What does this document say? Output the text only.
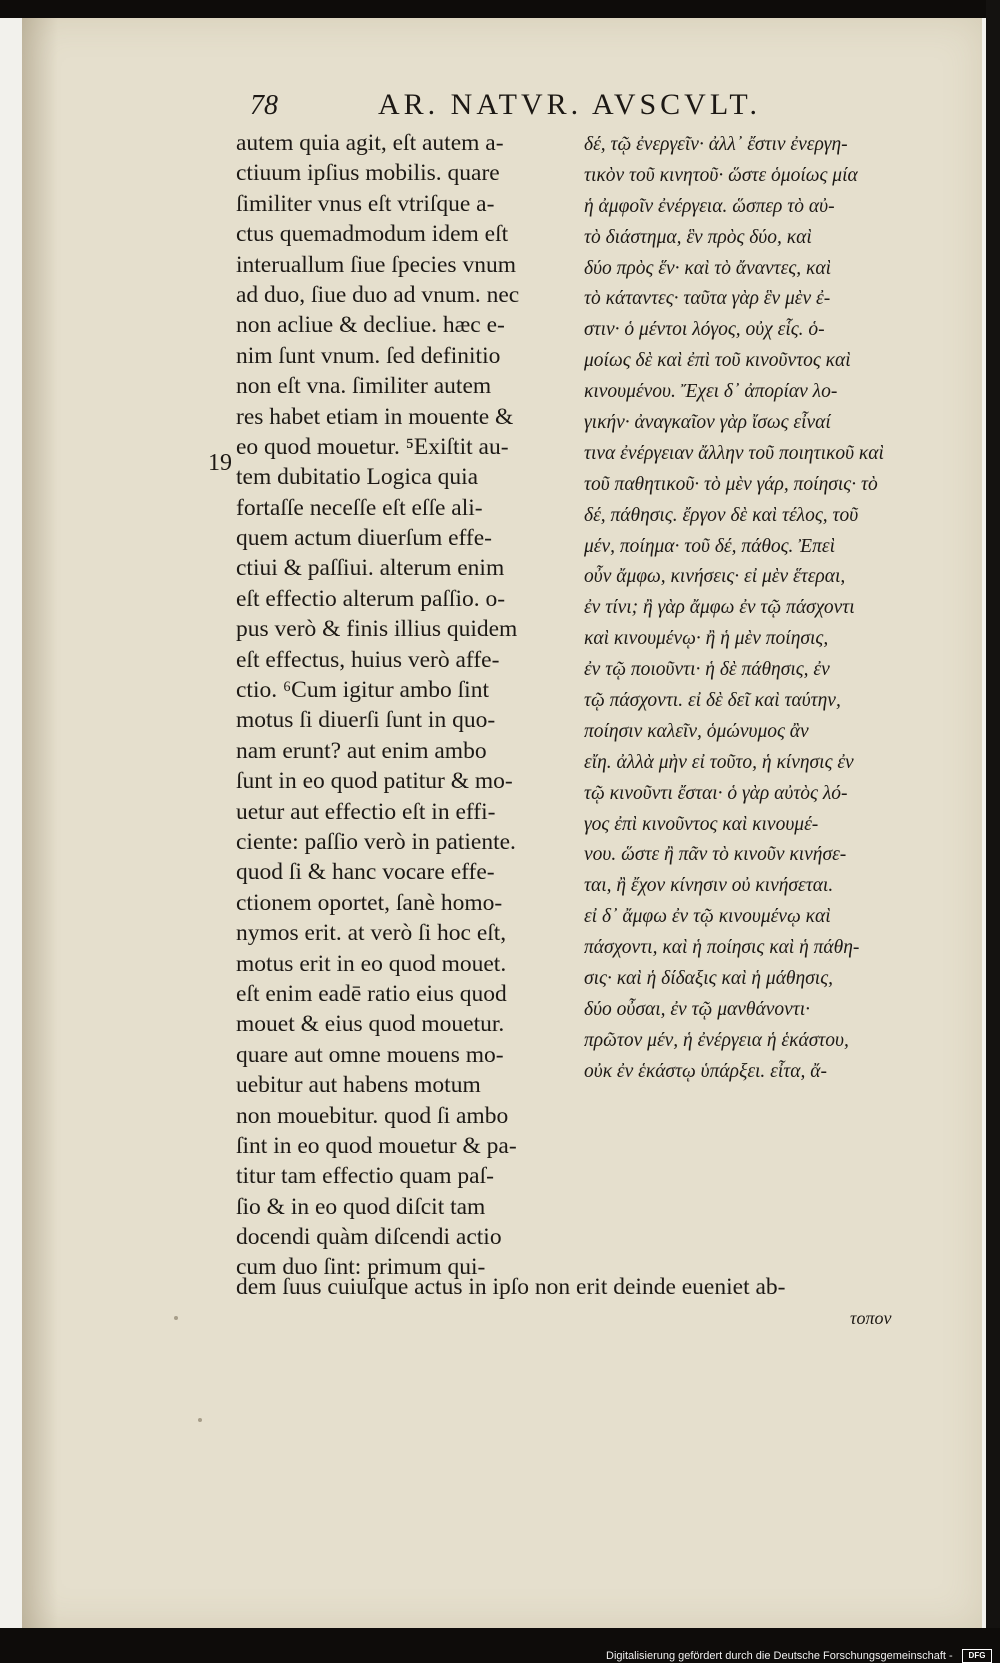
78	AR. NATVR. AVSCVLT.
19
autem quia agit, eſt autem a-
ctiuum ipſius mobilis. quare
ſimiliter vnus eſt vtriſque a-
ctus quemadmodum idem eſt
interuallum ſiue ſpecies vnum
ad duo, ſiue duo ad vnum. nec
non acliue & decliue. hæc e-
nim ſunt vnum. ſed definitio
non eſt vna. ſimiliter autem
res habet etiam in mouente &
eo quod mouetur. ⁵Exiſtit au-
tem dubitatio Logica quia
fortaſſe neceſſe eſt eſſe ali-
quem actum diuerſum effe-
ctiui & paſſiui. alterum enim
eſt effectio alterum paſſio. o-
pus verò & finis illius quidem
eſt effectus, huius verò affe-
ctio. ⁶Cum igitur ambo ſint
motus ſi diuerſi ſunt in quo-
nam erunt? aut enim ambo
ſunt in eo quod patitur & mo-
uetur aut effectio eſt in effi-
ciente: paſſio verò in patiente.
quod ſi & hanc vocare effe-
ctionem oportet, ſanè homo-
nymos erit. at verò ſi hoc eſt,
motus erit in eo quod mouet.
eſt enim eadē ratio eius quod
mouet & eius quod mouetur.
quare aut omne mouens mo-
uebitur aut habens motum
non mouebitur. quod ſi ambo
ſint in eo quod mouetur & pa-
titur tam effectio quam paſ-
ſio & in eo quod diſcit tam
docendi quàm diſcendi actio
cum duo ſint: primum qui-
δέ, τῷ ἐνεργεῖν· ἀλλ᾽ ἔστιν ἐνεργη-
τικὸν τοῦ κινητοῦ· ὥστε ὁμοίως μία
ἡ ἀμφοῖν ἐνέργεια. ὥσπερ τὸ αὐ-
τὸ διάστημα, ἓν πρὸς δύο, καὶ
δύο πρὸς ἕν· καὶ τὸ ἄναντες, καὶ
τὸ κάταντες· ταῦτα γὰρ ἓν μὲν ἐ-
στιν· ὁ μέντοι λόγος, οὐχ εἷς. ὁ-
μοίως δὲ καὶ ἐπὶ τοῦ κινοῦντος καὶ
κινουμένου. Ἔχει δ᾽ ἀπορίαν λο-
γικήν· ἀναγκαῖον γὰρ ἴσως εἶναί
τινα ἐνέργειαν ἄλλην τοῦ ποιητικοῦ καὶ
τοῦ παθητικοῦ· τὸ μὲν γάρ, ποίησις· τὸ
δέ, πάθησις. ἔργον δὲ καὶ τέλος, τοῦ
μέν, ποίημα· τοῦ δέ, πάθος. Ἐπεὶ
οὖν ἄμφω, κινήσεις· εἰ μὲν ἕτεραι,
ἐν τίνι; ἢ γὰρ ἄμφω ἐν τῷ πάσχοντι
καὶ κινουμένῳ· ἢ ἡ μὲν ποίησις,
ἐν τῷ ποιοῦντι· ἡ δὲ πάθησις, ἐν
τῷ πάσχοντι. εἰ δὲ δεῖ καὶ ταύτην,
ποίησιν καλεῖν, ὁμώνυμος ἂν
εἴη. ἀλλὰ μὴν εἰ τοῦτο, ἡ κίνησις ἐν
τῷ κινοῦντι ἔσται· ὁ γὰρ αὐτὸς λό-
γος ἐπὶ κινοῦντος καὶ κινουμέ-
νου. ὥστε ἢ πᾶν τὸ κινοῦν κινήσε-
ται, ἢ ἔχον κίνησιν οὐ κινήσεται.
εἰ δ᾽ ἄμφω ἐν τῷ κινουμένῳ καὶ
πάσχοντι, καὶ ἡ ποίησις καὶ ἡ πάθη-
σις· καὶ ἡ δίδαξις καὶ ἡ μάθησις,
δύο οὖσαι, ἐν τῷ μανθάνοντι·
πρῶτον μέν, ἡ ἐνέργεια ἡ ἑκάστου,
οὐκ ἐν ἑκάστῳ ὑπάρξει. εἶτα, ἄ-
dem ſuus cuiuſque actus in ipſo non erit deinde eueniet ab-
τοπον
Digitalisierung gefördert durch die Deutsche Forschungsgemeinschaft -	DFG
